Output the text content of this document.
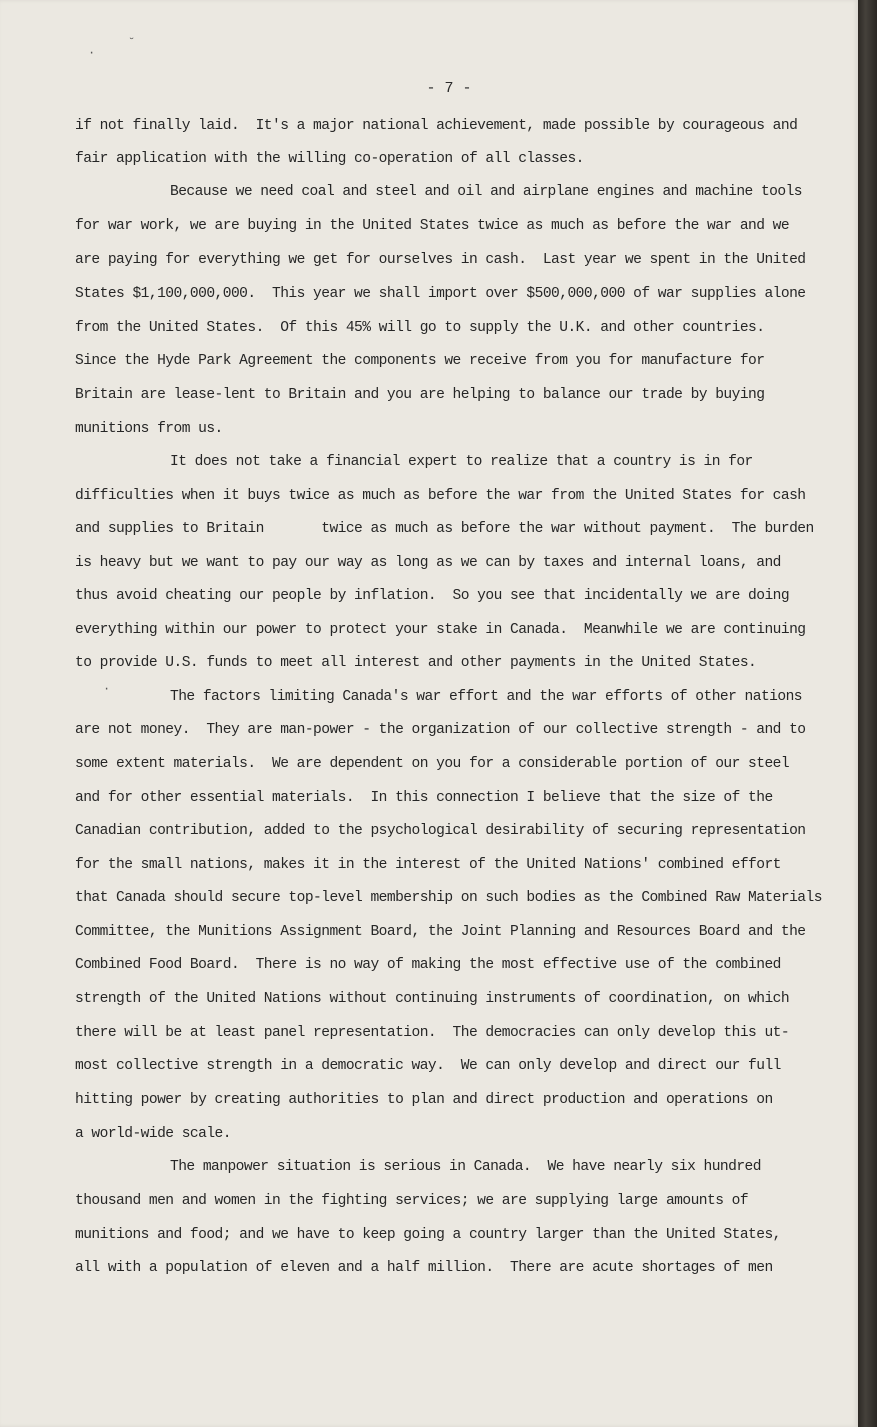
·
˘
·
- 7 -
if not finally laid.  It's a major national achievement, made possible by courageous and
fair application with the willing co-operation of all classes.
Because we need coal and steel and oil and airplane engines and machine tools
for war work, we are buying in the United States twice as much as before the war and we
are paying for everything we get for ourselves in cash.  Last year we spent in the United
States $1,100,000,000.  This year we shall import over $500,000,000 of war supplies alone
from the United States.  Of this 45% will go to supply the U.K. and other countries.
Since the Hyde Park Agreement the components we receive from you for manufacture for
Britain are lease-lent to Britain and you are helping to balance our trade by buying
munitions from us.
It does not take a financial expert to realize that a country is in for
difficulties when it buys twice as much as before the war from the United States for cash
and supplies to Britain       twice as much as before the war without payment.  The burden
is heavy but we want to pay our way as long as we can by taxes and internal loans, and
thus avoid cheating our people by inflation.  So you see that incidentally we are doing
everything within our power to protect your stake in Canada.  Meanwhile we are continuing
to provide U.S. funds to meet all interest and other payments in the United States.
The factors limiting Canada's war effort and the war efforts of other nations
are not money.  They are man-power - the organization of our collective strength - and to
some extent materials.  We are dependent on you for a considerable portion of our steel
and for other essential materials.  In this connection I believe that the size of the
Canadian contribution, added to the psychological desirability of securing representation
for the small nations, makes it in the interest of the United Nations' combined effort
that Canada should secure top-level membership on such bodies as the Combined Raw Materials
Committee, the Munitions Assignment Board, the Joint Planning and Resources Board and the
Combined Food Board.  There is no way of making the most effective use of the combined
strength of the United Nations without continuing instruments of coordination, on which
there will be at least panel representation.  The democracies can only develop this ut-
most collective strength in a democratic way.  We can only develop and direct our full
hitting power by creating authorities to plan and direct production and operations on
a world-wide scale.
The manpower situation is serious in Canada.  We have nearly six hundred
thousand men and women in the fighting services; we are supplying large amounts of
munitions and food; and we have to keep going a country larger than the United States,
all with a population of eleven and a half million.  There are acute shortages of men
